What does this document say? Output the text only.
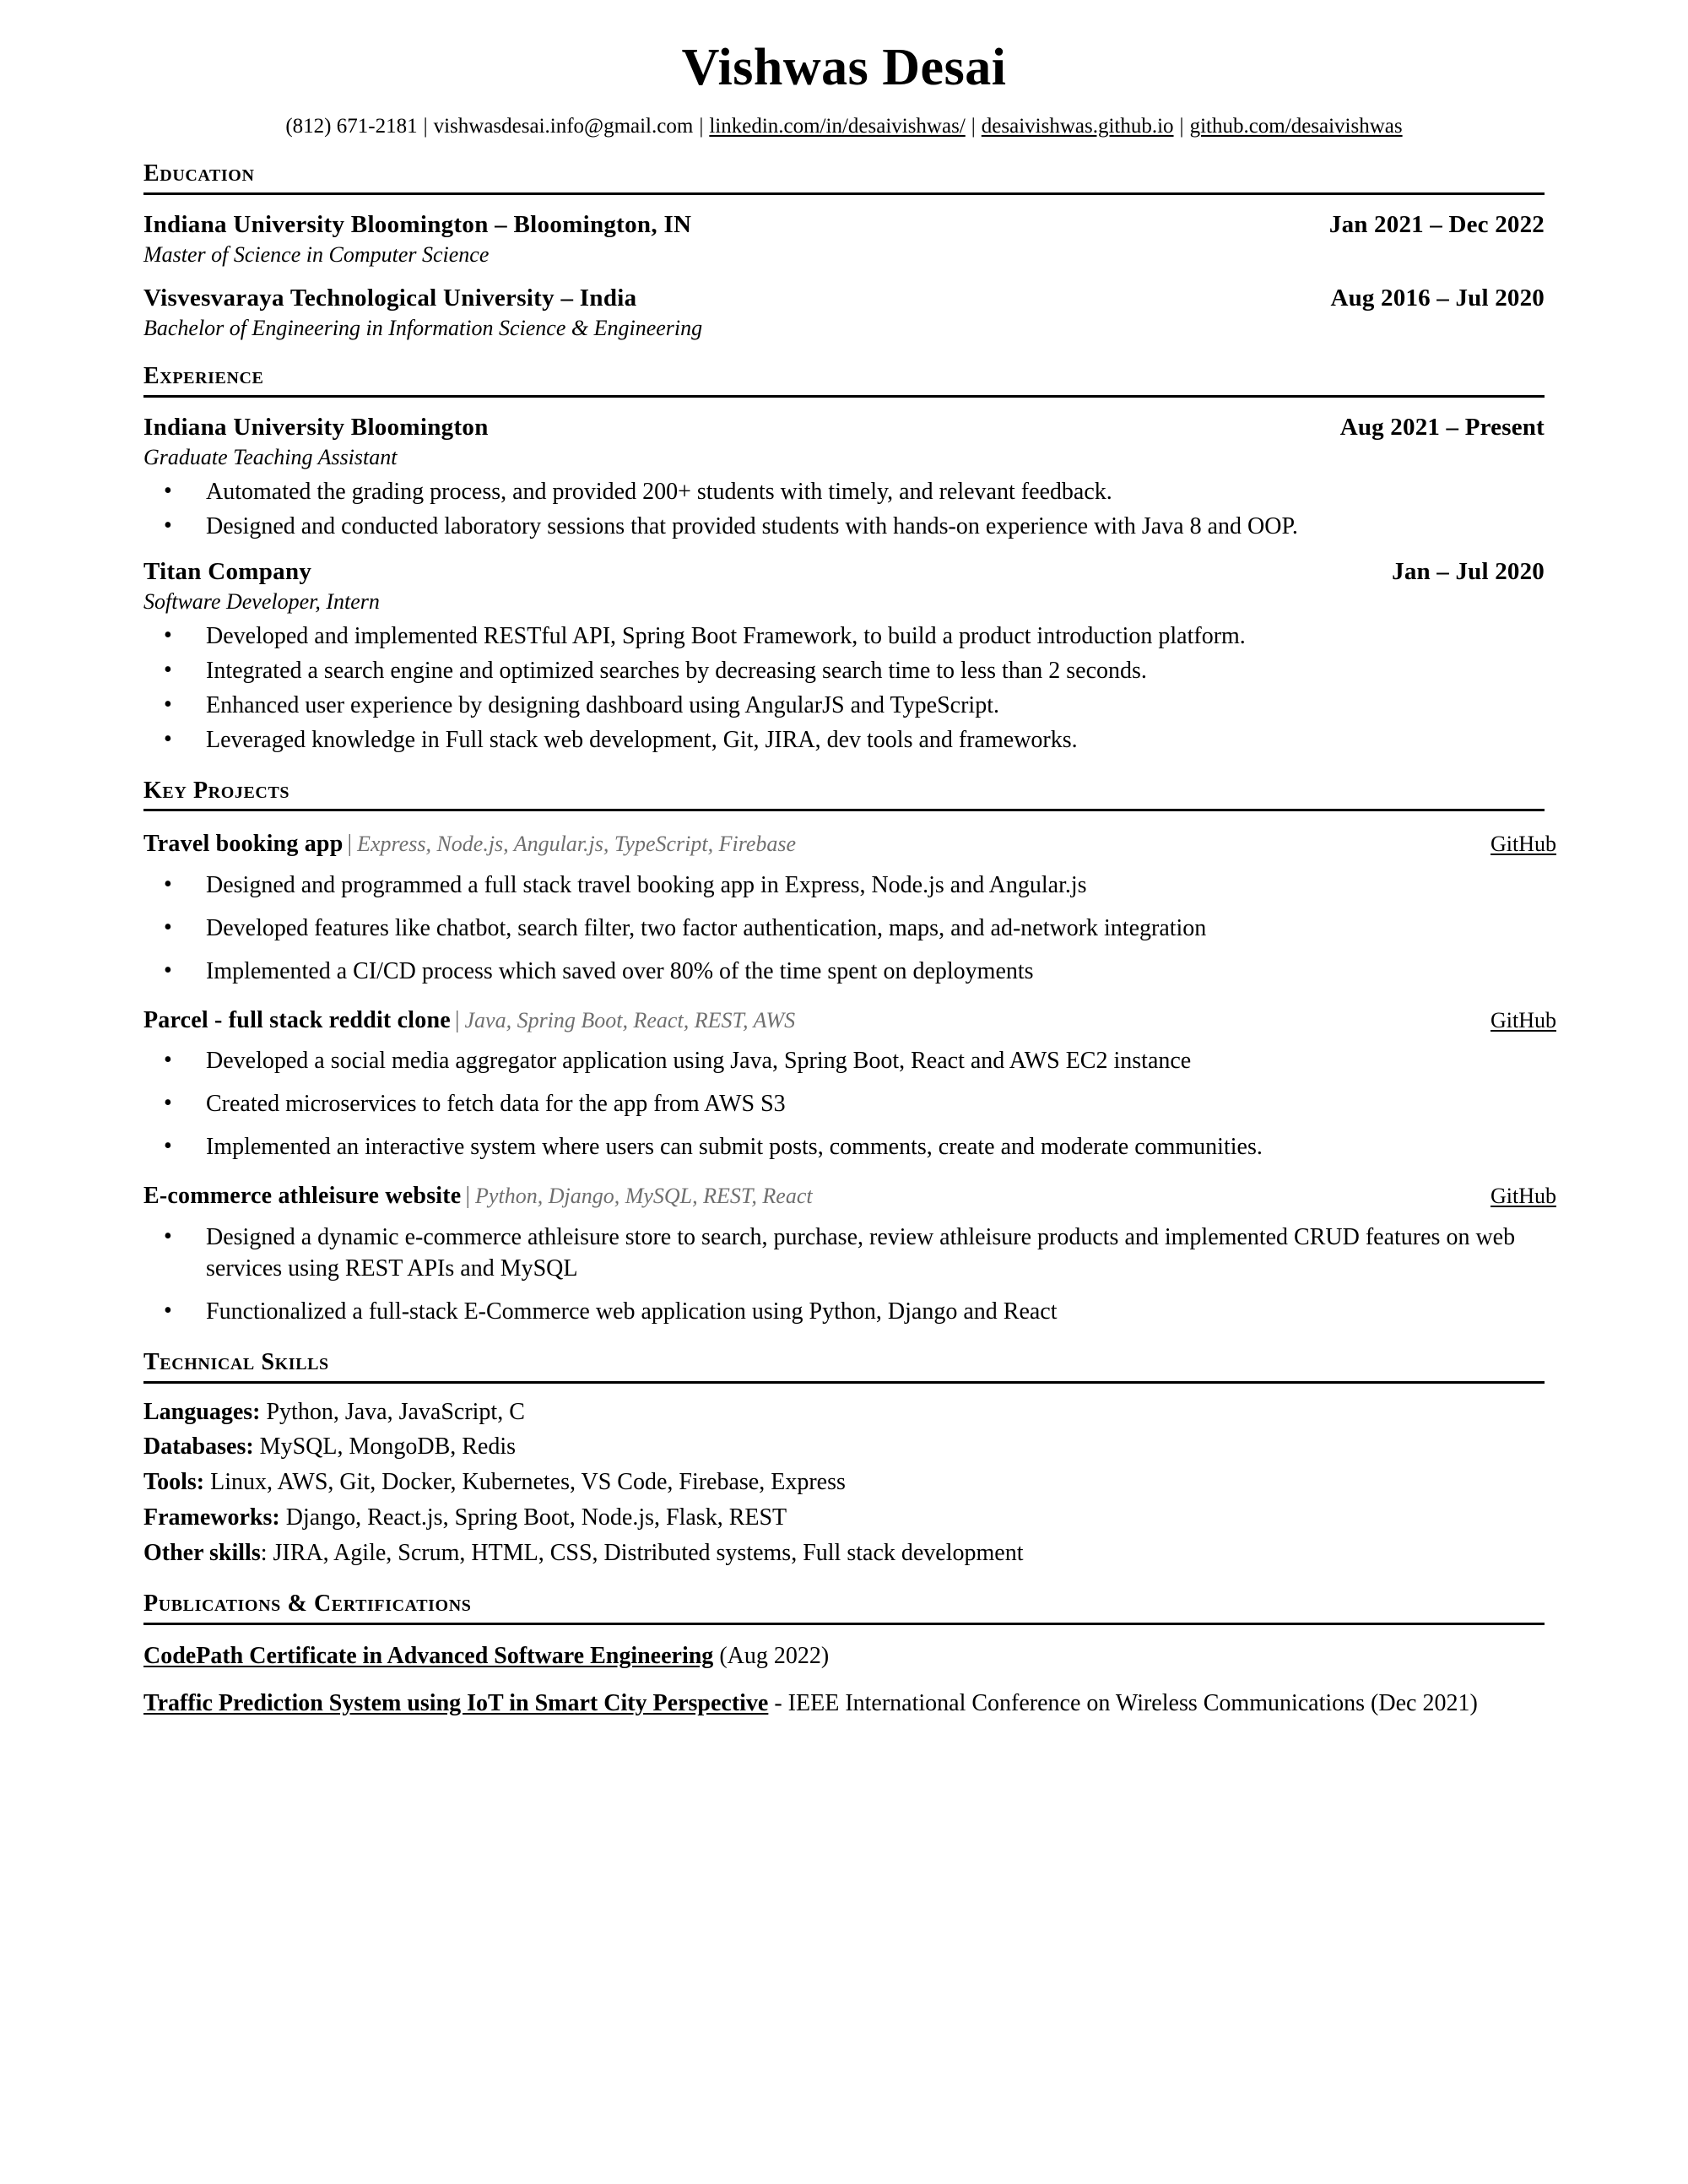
Vishwas Desai
(812) 671-2181 | vishwasdesai.info@gmail.com | linkedin.com/in/desaivishwas/ | desaivishwas.github.io | github.com/desaivishwas
Education
Indiana University Bloomington – Bloomington, IN	Jan 2021 – Dec 2022
Master of Science in Computer Science
Visvesvaraya Technological University – India	Aug 2016 – Jul 2020
Bachelor of Engineering in Information Science & Engineering
Experience
Indiana University Bloomington	Aug 2021 – Present
Graduate Teaching Assistant
• Automated the grading process, and provided 200+ students with timely, and relevant feedback.
• Designed and conducted laboratory sessions that provided students with hands-on experience with Java 8 and OOP.
Titan Company	Jan – Jul 2020
Software Developer, Intern
• Developed and implemented RESTful API, Spring Boot Framework, to build a product introduction platform.
• Integrated a search engine and optimized searches by decreasing search time to less than 2 seconds.
• Enhanced user experience by designing dashboard using AngularJS and TypeScript.
• Leveraged knowledge in Full stack web development, Git, JIRA, dev tools and frameworks.
Key Projects
Travel booking app | Express, Node.js, Angular.js, TypeScript, Firebase	GitHub
• Designed and programmed a full stack travel booking app in Express, Node.js and Angular.js
• Developed features like chatbot, search filter, two factor authentication, maps, and ad-network integration
• Implemented a CI/CD process which saved over 80% of the time spent on deployments
Parcel - full stack reddit clone | Java, Spring Boot, React, REST, AWS	GitHub
• Developed a social media aggregator application using Java, Spring Boot, React and AWS EC2 instance
• Created microservices to fetch data for the app from AWS S3
• Implemented an interactive system where users can submit posts, comments, create and moderate communities.
E-commerce athleisure website | Python, Django, MySQL, REST, React	GitHub
• Designed a dynamic e-commerce athleisure store to search, purchase, review athleisure products and implemented CRUD features on web services using REST APIs and MySQL
• Functionalized a full-stack E-Commerce web application using Python, Django and React
Technical Skills
Languages: Python, Java, JavaScript, C
Databases: MySQL, MongoDB, Redis
Tools: Linux, AWS, Git, Docker, Kubernetes, VS Code, Firebase, Express
Frameworks: Django, React.js, Spring Boot, Node.js, Flask, REST
Other skills: JIRA, Agile, Scrum, HTML, CSS, Distributed systems, Full stack development
Publications & Certifications
CodePath Certificate in Advanced Software Engineering (Aug 2022)
Traffic Prediction System using IoT in Smart City Perspective - IEEE International Conference on Wireless Communications (Dec 2021)
